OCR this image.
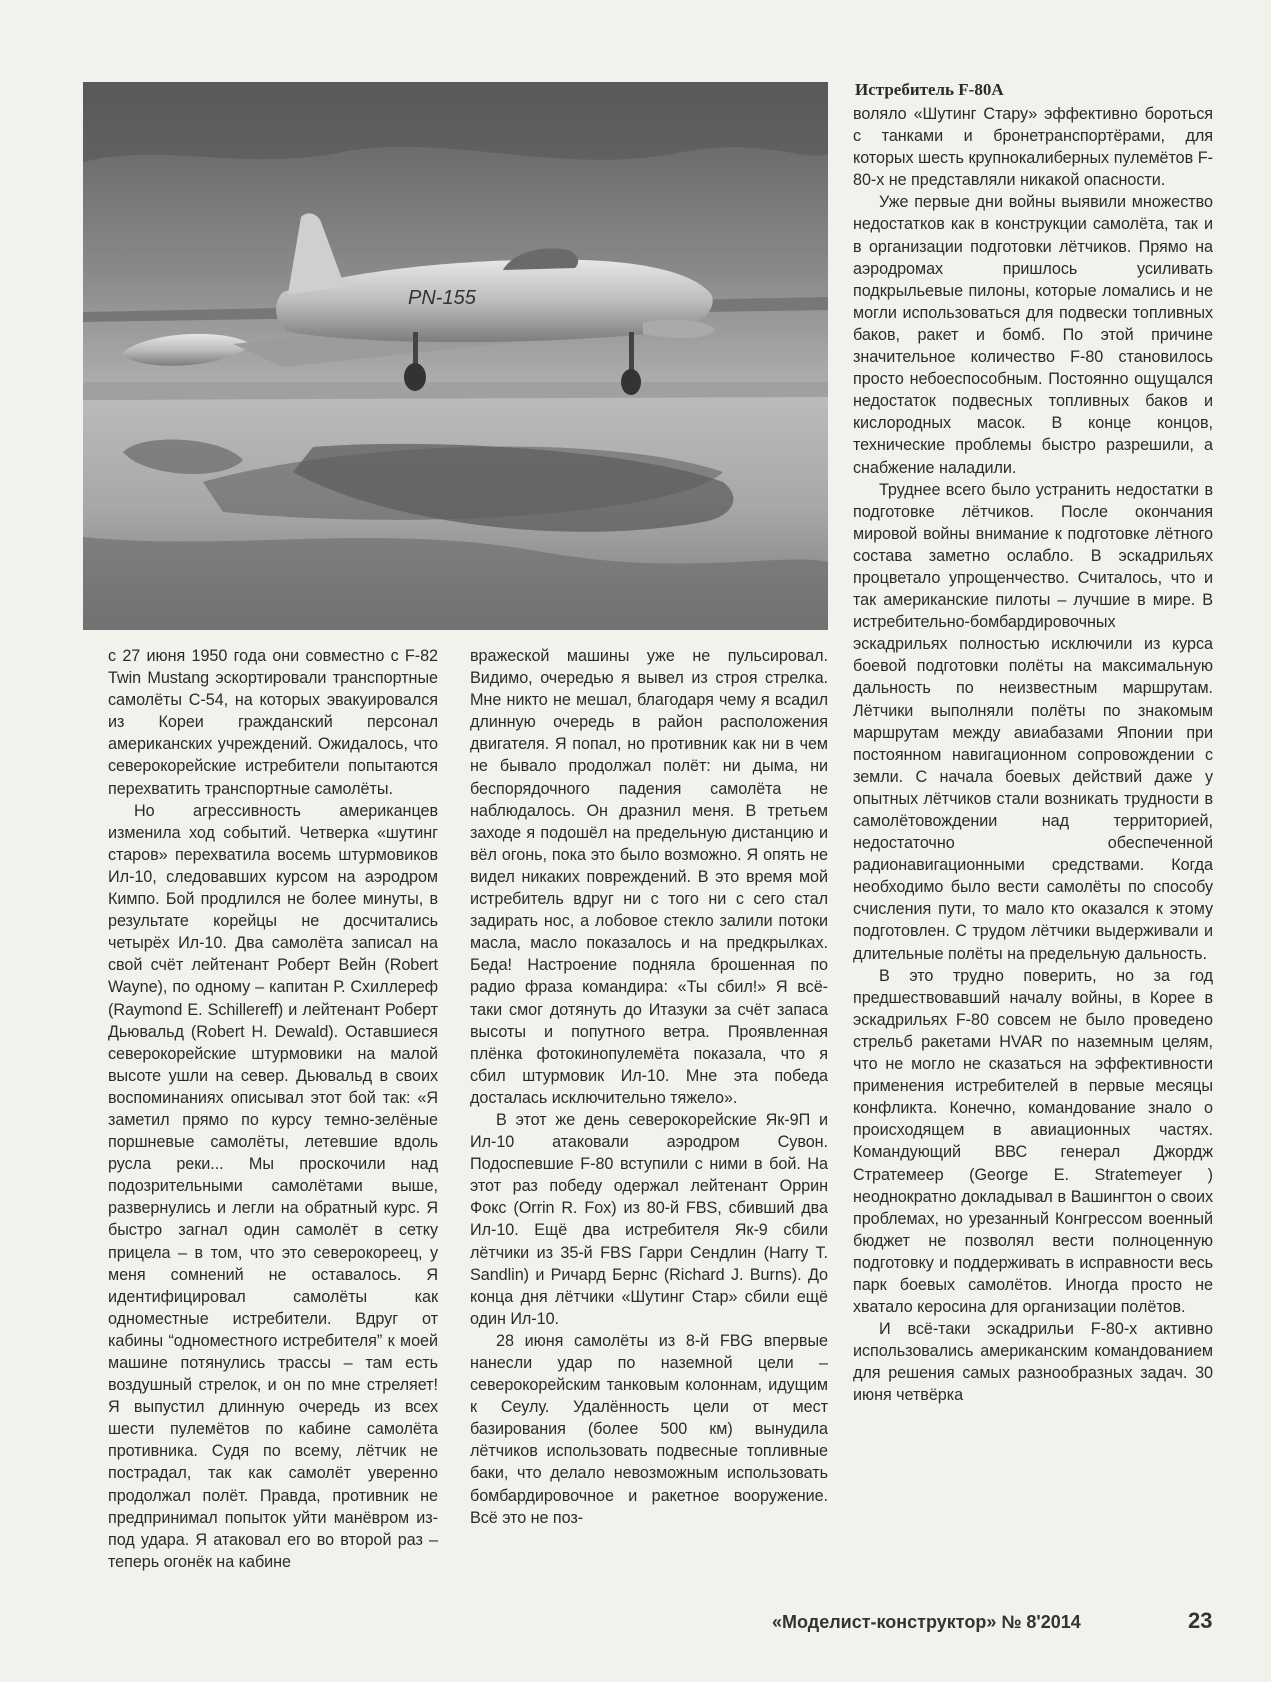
Истребитель F-80А
PN-155

с 27 июня 1950 года они совместно с F-82 Twin Mustang эскортировали транспортные самолёты С-54, на которых эвакуировался из Кореи гражданский персонал американских учреждений. Ожидалось, что северокорейские истребители попытаются перехватить транспортные самолёты.

Но агрессивность американцев изменила ход событий. Четверка «шутинг старов» перехватила восемь штурмовиков Ил-10, следовавших курсом на аэродром Кимпо. Бой продлился не более минуты, в результате корейцы не досчитались четырёх Ил-10. Два самолёта записал на свой счёт лейтенант Роберт Вейн (Robert Wayne), по одному – капитан Р. Схиллереф (Raymond E. Schillereff) и лейтенант Роберт Дьювальд (Robert H. Dewald). Оставшиеся северокорейские штурмовики на малой высоте ушли на север. Дьювальд в своих воспоминаниях описывал этот бой так: «Я заметил прямо по курсу темно-зелёные поршневые самолёты, летевшие вдоль русла реки... Мы проскочили над подозрительными самолётами выше, развернулись и легли на обратный курс. Я быстро загнал один самолёт в сетку прицела – в том, что это северокореец, у меня сомнений не оставалось. Я идентифицировал самолёты как одноместные истребители. Вдруг от кабины “одноместного истребителя” к моей машине потянулись трассы – там есть воздушный стрелок, и он по мне стреляет! Я выпустил длинную очередь из всех шести пулемётов по кабине самолёта противника. Судя по всему, лётчик не пострадал, так как самолёт уверенно продолжал полёт. Правда, противник не предпринимал попыток уйти манёвром из-под удара. Я атаковал его во второй раз – теперь огонёк на кабине

вражеской машины уже не пульсировал. Видимо, очередью я вывел из строя стрелка. Мне никто не мешал, благодаря чему я всадил длинную очередь в район расположения двигателя. Я попал, но противник как ни в чем не бывало продолжал полёт: ни дыма, ни беспорядочного падения самолёта не наблюдалось. Он дразнил меня. В третьем заходе я подошёл на предельную дистанцию и вёл огонь, пока это было возможно. Я опять не видел никаких повреждений. В это время мой истребитель вдруг ни с того ни с сего стал задирать нос, а лобовое стекло залили потоки масла, масло показалось и на предкрылках. Беда! Настроение подняла брошенная по радио фраза командира: «Ты сбил!» Я всё-таки смог дотянуть до Итазуки за счёт запаса высоты и попутного ветра. Проявленная плёнка фотокинопулемёта показала, что я сбил штурмовик Ил-10. Мне эта победа досталась исключительно тяжело».

В этот же день северокорейские Як-9П и Ил-10 атаковали аэродром Сувон. Подоспевшие F-80 вступили с ними в бой. На этот раз победу одержал лейтенант Оррин Фокс (Orrin R. Fox) из 80-й FBS, сбивший два Ил-10. Ещё два истребителя Як-9 сбили лётчики из 35-й FBS Гарри Сендлин (Harry T. Sandlin) и Ричард Бернс (Richard J. Burns). До конца дня лётчики «Шутинг Стар» сбили ещё один Ил-10.

28 июня самолёты из 8-й FBG впервые нанесли удар по наземной цели – северокорейским танковым колоннам, идущим к Сеулу. Удалённость цели от мест базирования (более 500 км) вынудила лётчиков использовать подвесные топливные баки, что делало невозможным использовать бомбардировочное и ракетное вооружение. Всё это не поз-

воляло «Шутинг Стару» эффективно бороться с танками и бронетранспортёрами, для которых шесть крупнокалиберных пулемётов F-80-х не представляли никакой опасности.

Уже первые дни войны выявили множество недостатков как в конструкции самолёта, так и в организации подготовки лётчиков. Прямо на аэродромах пришлось усиливать подкрыльевые пилоны, которые ломались и не могли использоваться для подвески топливных баков, ракет и бомб. По этой причине значительное количество F-80 становилось просто небоеспособным. Постоянно ощущался недостаток подвесных топливных баков и кислородных масок. В конце концов, технические проблемы быстро разрешили, а снабжение наладили.

Труднее всего было устранить недостатки в подготовке лётчиков. После окончания мировой войны внимание к подготовке лётного состава заметно ослабло. В эскадрильях процветало упрощенчество. Считалось, что и так американские пилоты – лучшие в мире. В истребительно-бомбардировочных эскадрильях полностью исключили из курса боевой подготовки полёты на максимальную дальность по неизвестным маршрутам. Лётчики выполняли полёты по знакомым маршрутам между авиабазами Японии при постоянном навигационном сопровождении с земли. С начала боевых действий даже у опытных лётчиков стали возникать трудности в самолётовождении над территорией, недостаточно обеспеченной радионавигационными средствами. Когда необходимо было вести самолёты по способу счисления пути, то мало кто оказался к этому подготовлен. С трудом лётчики выдерживали и длительные полёты на предельную дальность.

В это трудно поверить, но за год предшествовавший началу войны, в Корее в эскадрильях F-80 совсем не было проведено стрельб ракетами HVAR по наземным целям, что не могло не сказаться на эффективности применения истребителей в первые месяцы конфликта. Конечно, командование знало о происходящем в авиационных частях. Командующий ВВС генерал Джордж Стратемеер (George E. Stratemeyer ) неоднократно докладывал в Вашингтон о своих проблемах, но урезанный Конгрессом военный бюджет не позволял вести полноценную подготовку и поддерживать в исправности весь парк боевых самолётов. Иногда просто не хватало керосина для организации полётов.

И всё-таки эскадрильи F-80-х активно использовались американским командованием для решения самых разнообразных задач. 30 июня четвёрка

«Моделист-конструктор» № 8'2014	23
